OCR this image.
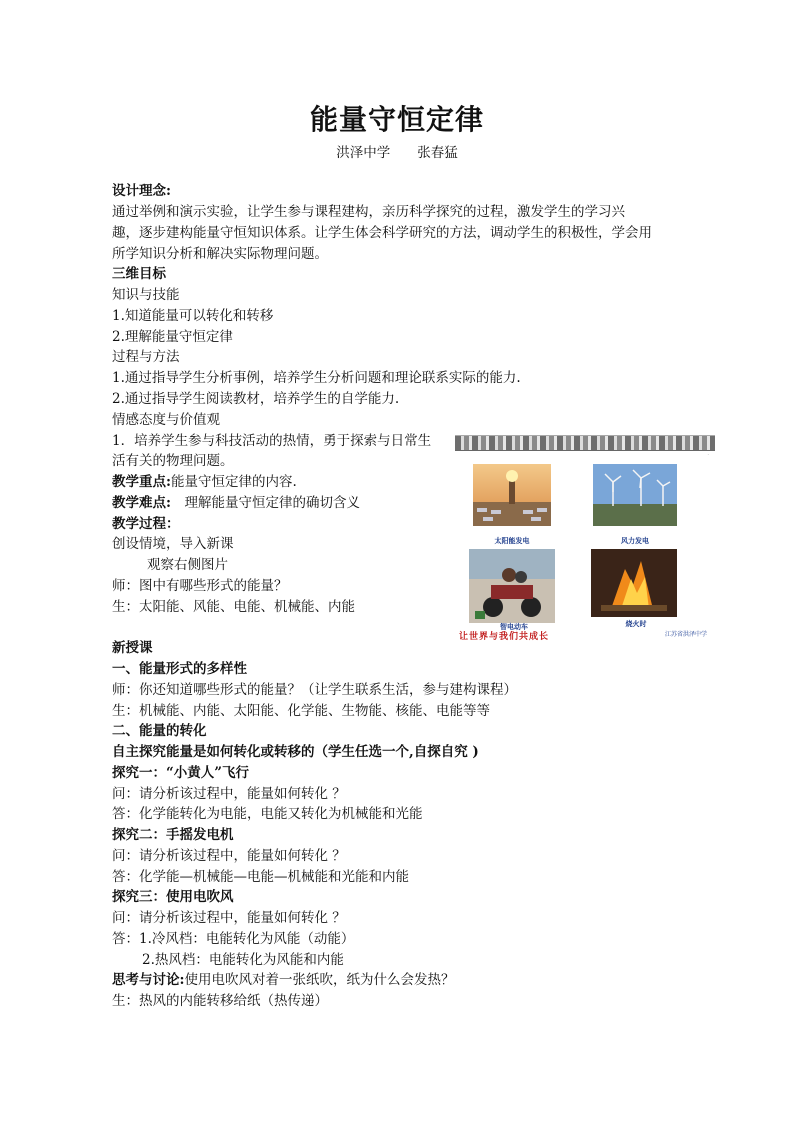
能量守恒定律
洪泽中学　　张春猛
设计理念:
通过举例和演示实验，让学生参与课程建构，亲历科学探究的过程，激发学生的学习兴
趣，逐步建构能量守恒知识体系。让学生体会科学研究的方法，调动学生的积极性，学会用
所学知识分析和解决实际物理问题。
三维目标
知识与技能
1.知道能量可以转化和转移
2.理解能量守恒定律
过程与方法
1.通过指导学生分析事例，培养学生分析问题和理论联系实际的能力.
2.通过指导学生阅读教材，培养学生的自学能力.
情感态度与价值观
1．培养学生参与科技活动的热情，勇于探索与日常生
活有关的物理问题。
教学重点:能量守恒定律的内容.
教学难点:　理解能量守恒定律的确切含义
教学过程：
创设情境，导入新课
观察右侧图片
师：图中有哪些形式的能量？
生：太阳能、风能、电能、机械能、内能
新授课
一、能量形式的多样性
师：你还知道哪些形式的能量？（让学生联系生活，参与建构课程）
生：机械能、内能、太阳能、化学能、生物能、核能、电能等等
二、能量的转化
自主探究能量是如何转化或转移的（学生任选一个,自探自究 )
探究一：“小黄人”飞行
问：请分析该过程中，能量如何转化 ？
答：化学能转化为电能，电能又转化为机械能和光能
探究二：手摇发电机
问：请分析该过程中，能量如何转化 ？
答：化学能—机械能—电能—机械能和光能和内能
探究三：使用电吹风
问：请分析该过程中，能量如何转化 ？
答：1.冷风档：电能转化为风能（动能）
2.热风档：电能转化为风能和内能
思考与讨论:使用电吹风对着一张纸吹，纸为什么会发热？
生：热风的内能转移给纸（热传递）
·
太阳能发电	风力发电
智电动车	烧火时
让世界与我们共成长	江苏省洪泽中学
